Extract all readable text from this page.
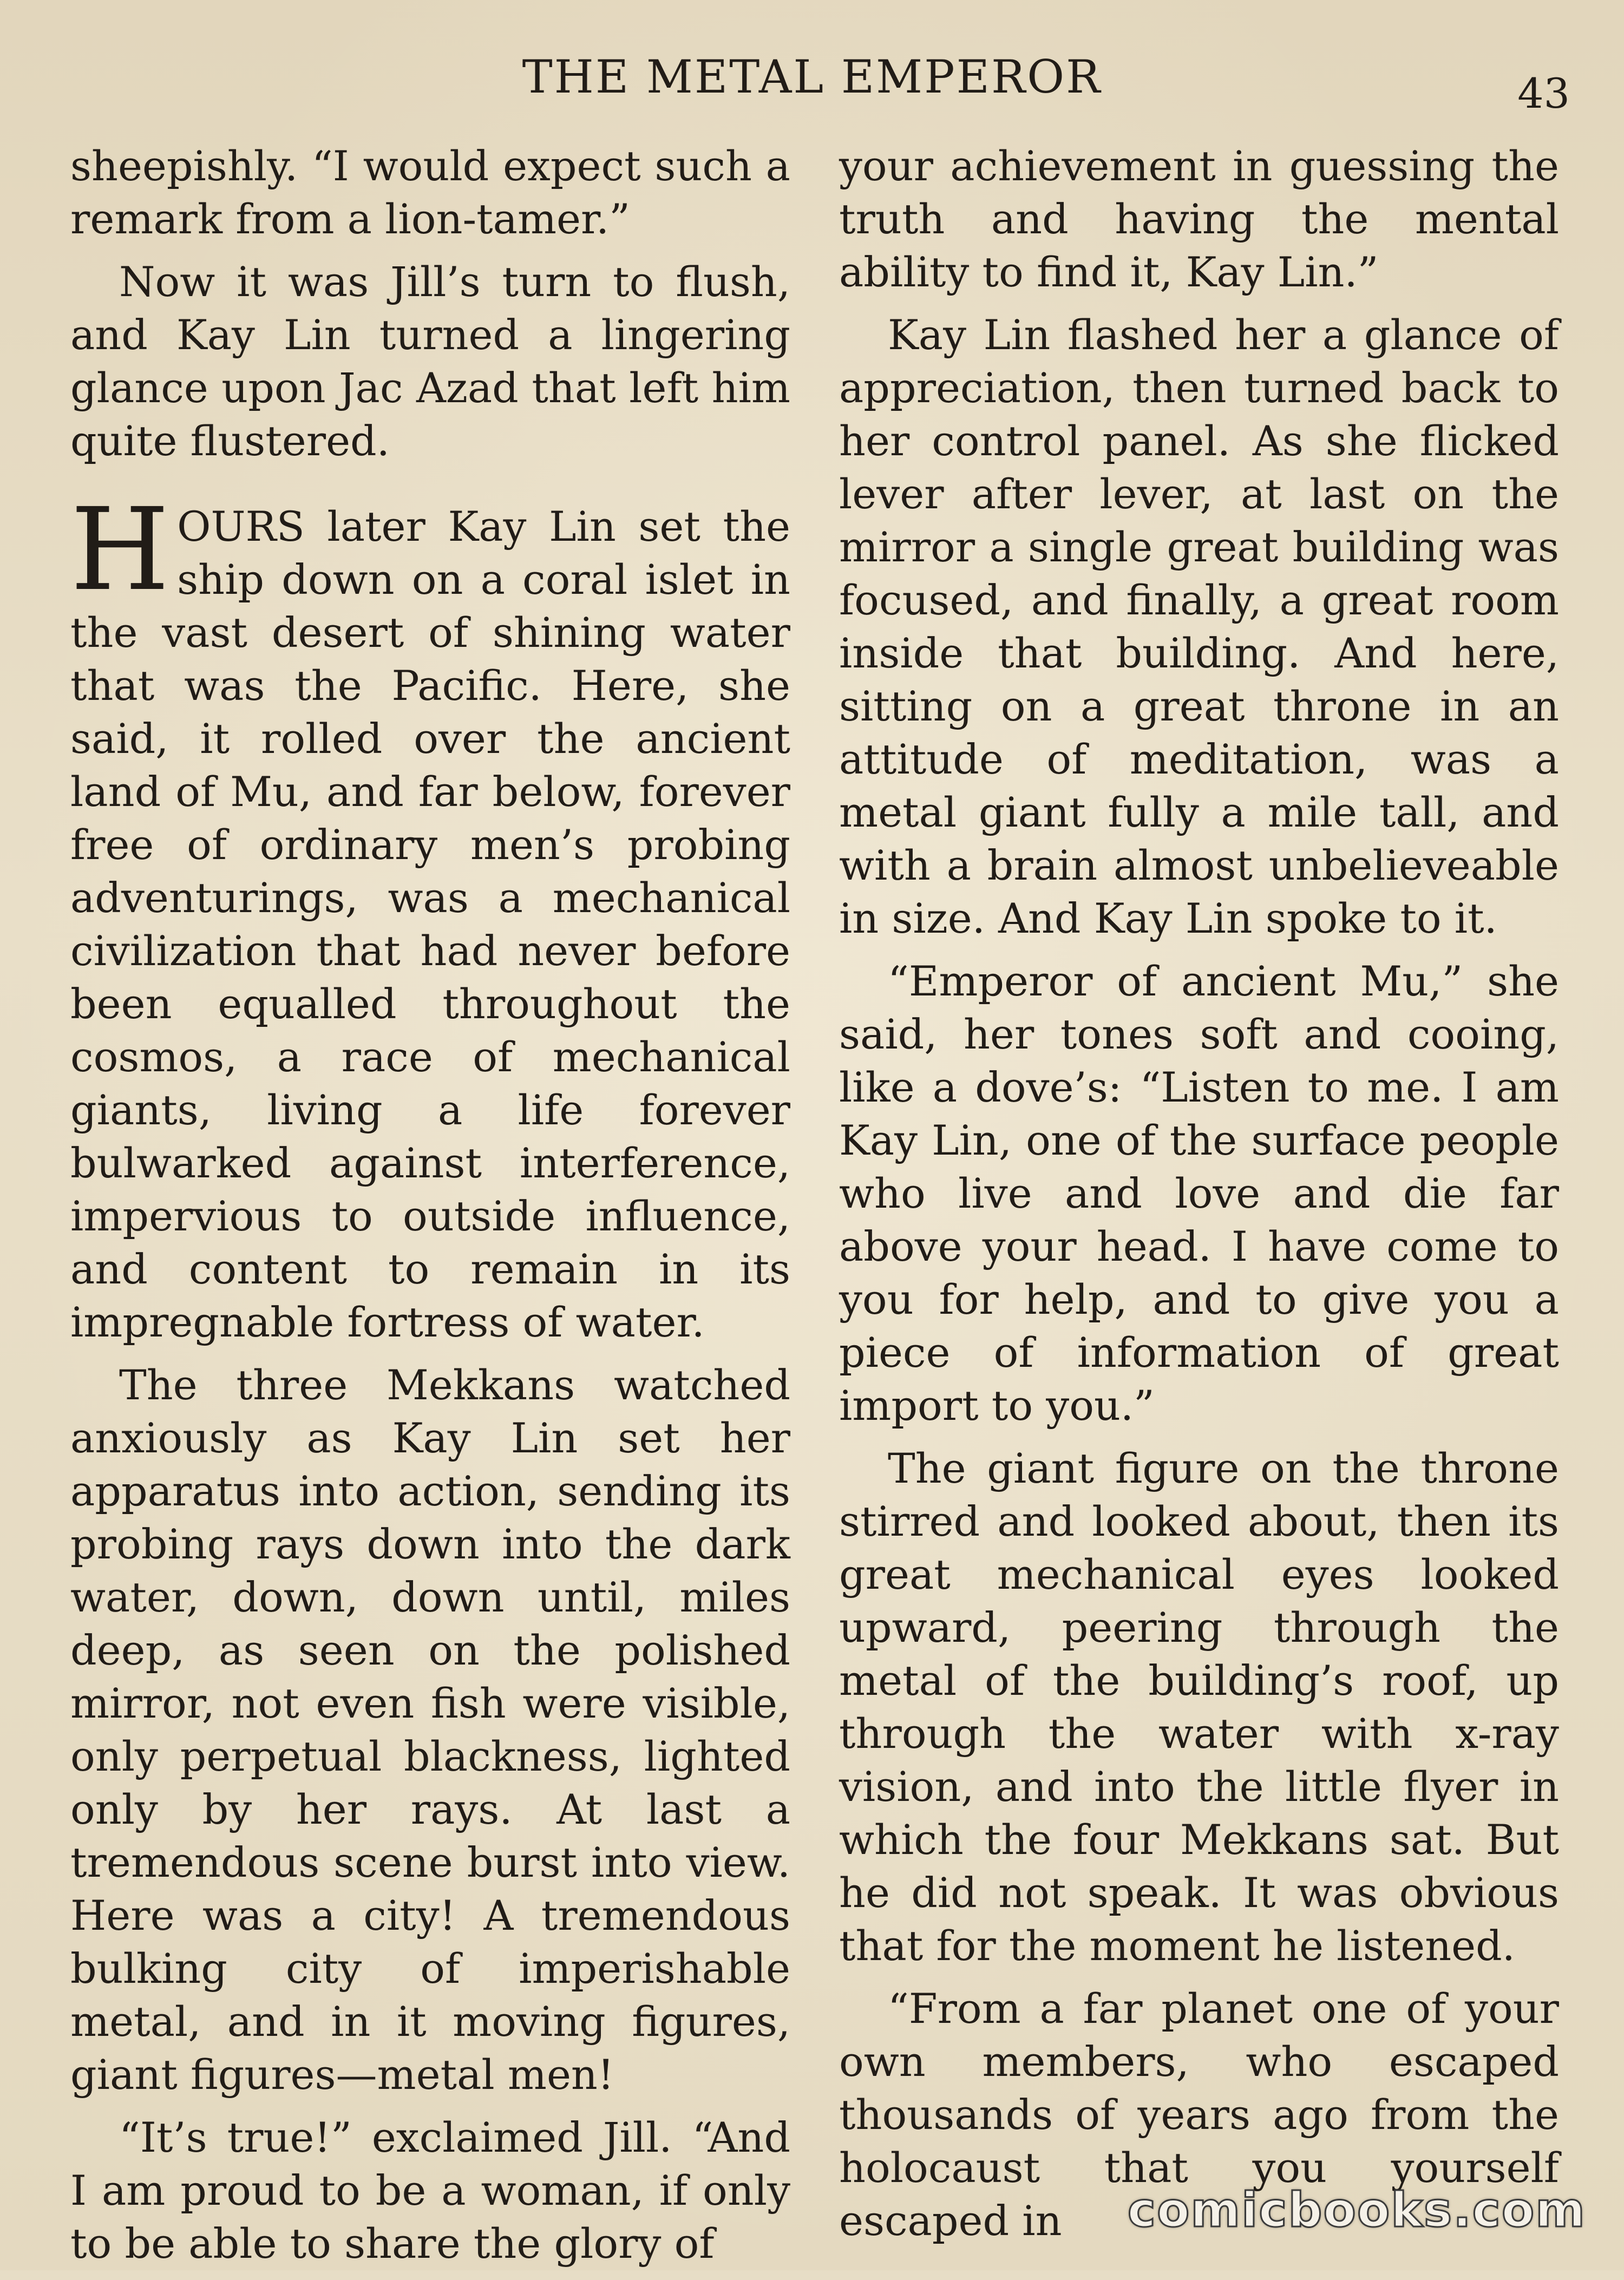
THE METAL EMPEROR	43

sheepishly. “I would expect such a remark from a lion-tamer.”

Now it was Jill’s turn to flush, and Kay Lin turned a lingering glance upon Jac Azad that left him quite flustered.

HOURS later Kay Lin set the ship down on a coral islet in the vast desert of shining water that was the Pacific. Here, she said, it rolled over the ancient land of Mu, and far below, forever free of ordinary men’s probing adventurings, was a mechanical civilization that had never before been equalled throughout the cosmos, a race of mechanical giants, living a life forever bulwarked against interference, impervious to outside influence, and content to remain in its impregnable fortress of water.

The three Mekkans watched anxiously as Kay Lin set her apparatus into action, sending its probing rays down into the dark water, down, down until, miles deep, as seen on the polished mirror, not even fish were visible, only perpetual blackness, lighted only by her rays. At last a tremendous scene burst into view. Here was a city! A tremendous bulking city of imperishable metal, and in it moving figures, giant figures—metal men!

“It’s true!” exclaimed Jill. “And I am proud to be a woman, if only to be able to share the glory of

your achievement in guessing the truth and having the mental ability to find it, Kay Lin.”

Kay Lin flashed her a glance of appreciation, then turned back to her control panel. As she flicked lever after lever, at last on the mirror a single great building was focused, and finally, a great room inside that building. And here, sitting on a great throne in an attitude of meditation, was a metal giant fully a mile tall, and with a brain almost unbelieveable in size. And Kay Lin spoke to it.

“Emperor of ancient Mu,” she said, her tones soft and cooing, like a dove’s: “Listen to me. I am Kay Lin, one of the surface people who live and love and die far above your head. I have come to you for help, and to give you a piece of information of great import to you.”

The giant figure on the throne stirred and looked about, then its great mechanical eyes looked upward, peering through the metal of the building’s roof, up through the water with x-ray vision, and into the little flyer in which the four Mekkans sat. But he did not speak. It was obvious that for the moment he listened.

“From a far planet one of your own members, who escaped thousands of years ago from the holocaust that you yourself escaped in	comicbooks.com
